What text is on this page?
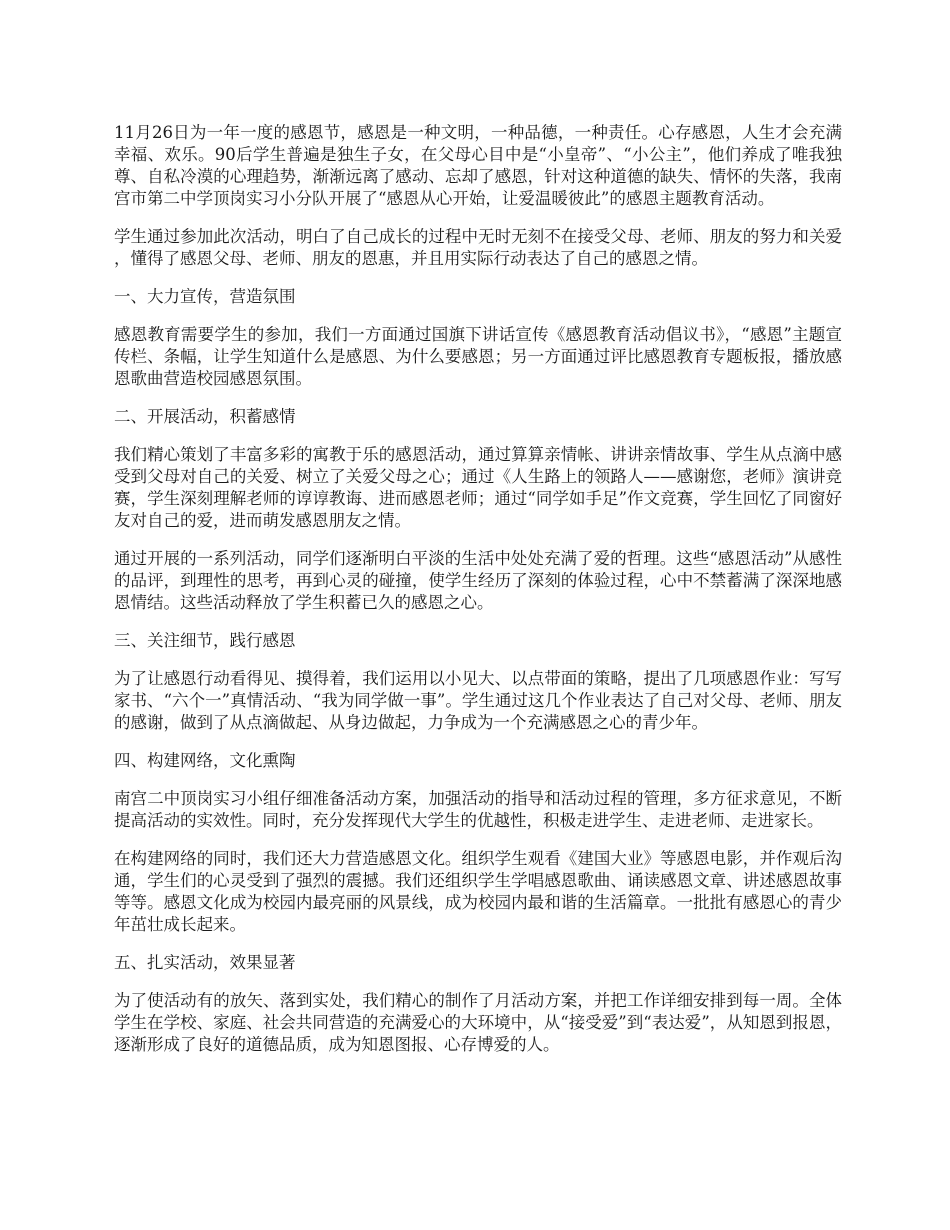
11月26日为一年一度的感恩节，感恩是一种文明，一种品德，一种责任。心存感恩，人生才会充满幸福、欢乐。90后学生普遍是独生子女，在父母心目中是“小皇帝”、“小公主”，他们养成了唯我独尊、自私冷漠的心理趋势，渐渐远离了感动、忘却了感恩，针对这种道德的缺失、情怀的失落，我南宫市第二中学顶岗实习小分队开展了“感恩从心开始，让爱温暖彼此”的感恩主题教育活动。

学生通过参加此次活动，明白了自己成长的过程中无时无刻不在接受父母、老师、朋友的努力和关爱，懂得了感恩父母、老师、朋友的恩惠，并且用实际行动表达了自己的感恩之情。

一、大力宣传，营造氛围

感恩教育需要学生的参加，我们一方面通过国旗下讲话宣传《感恩教育活动倡议书》，“感恩”主题宣传栏、条幅，让学生知道什么是感恩、为什么要感恩；另一方面通过评比感恩教育专题板报，播放感恩歌曲营造校园感恩氛围。

二、开展活动，积蓄感情

我们精心策划了丰富多彩的寓教于乐的感恩活动，通过算算亲情帐、讲讲亲情故事、学生从点滴中感受到父母对自己的关爱、树立了关爱父母之心；通过《人生路上的领路人——感谢您，老师》演讲竞赛，学生深刻理解老师的谆谆教诲、进而感恩老师；通过“同学如手足”作文竞赛，学生回忆了同窗好友对自己的爱，进而萌发感恩朋友之情。

通过开展的一系列活动，同学们逐渐明白平淡的生活中处处充满了爱的哲理。这些“感恩活动”从感性的品评，到理性的思考，再到心灵的碰撞，使学生经历了深刻的体验过程，心中不禁蓄满了深深地感恩情结。这些活动释放了学生积蓄已久的感恩之心。

三、关注细节，践行感恩

为了让感恩行动看得见、摸得着，我们运用以小见大、以点带面的策略，提出了几项感恩作业：写写家书、“六个一”真情活动、“我为同学做一事”。学生通过这几个作业表达了自己对父母、老师、朋友的感谢，做到了从点滴做起、从身边做起，力争成为一个充满感恩之心的青少年。

四、构建网络，文化熏陶

南宫二中顶岗实习小组仔细准备活动方案，加强活动的指导和活动过程的管理，多方征求意见，不断提高活动的实效性。同时，充分发挥现代大学生的优越性，积极走进学生、走进老师、走进家长。

在构建网络的同时，我们还大力营造感恩文化。组织学生观看《建国大业》等感恩电影，并作观后沟通，学生们的心灵受到了强烈的震撼。我们还组织学生学唱感恩歌曲、诵读感恩文章、讲述感恩故事等等。感恩文化成为校园内最亮丽的风景线，成为校园内最和谐的生活篇章。一批批有感恩心的青少年茁壮成长起来。

五、扎实活动，效果显著

为了使活动有的放矢、落到实处，我们精心的制作了月活动方案，并把工作详细安排到每一周。全体学生在学校、家庭、社会共同营造的充满爱心的大环境中，从“接受爱”到“表达爱”，从知恩到报恩，逐渐形成了良好的道德品质，成为知恩图报、心存博爱的人。
